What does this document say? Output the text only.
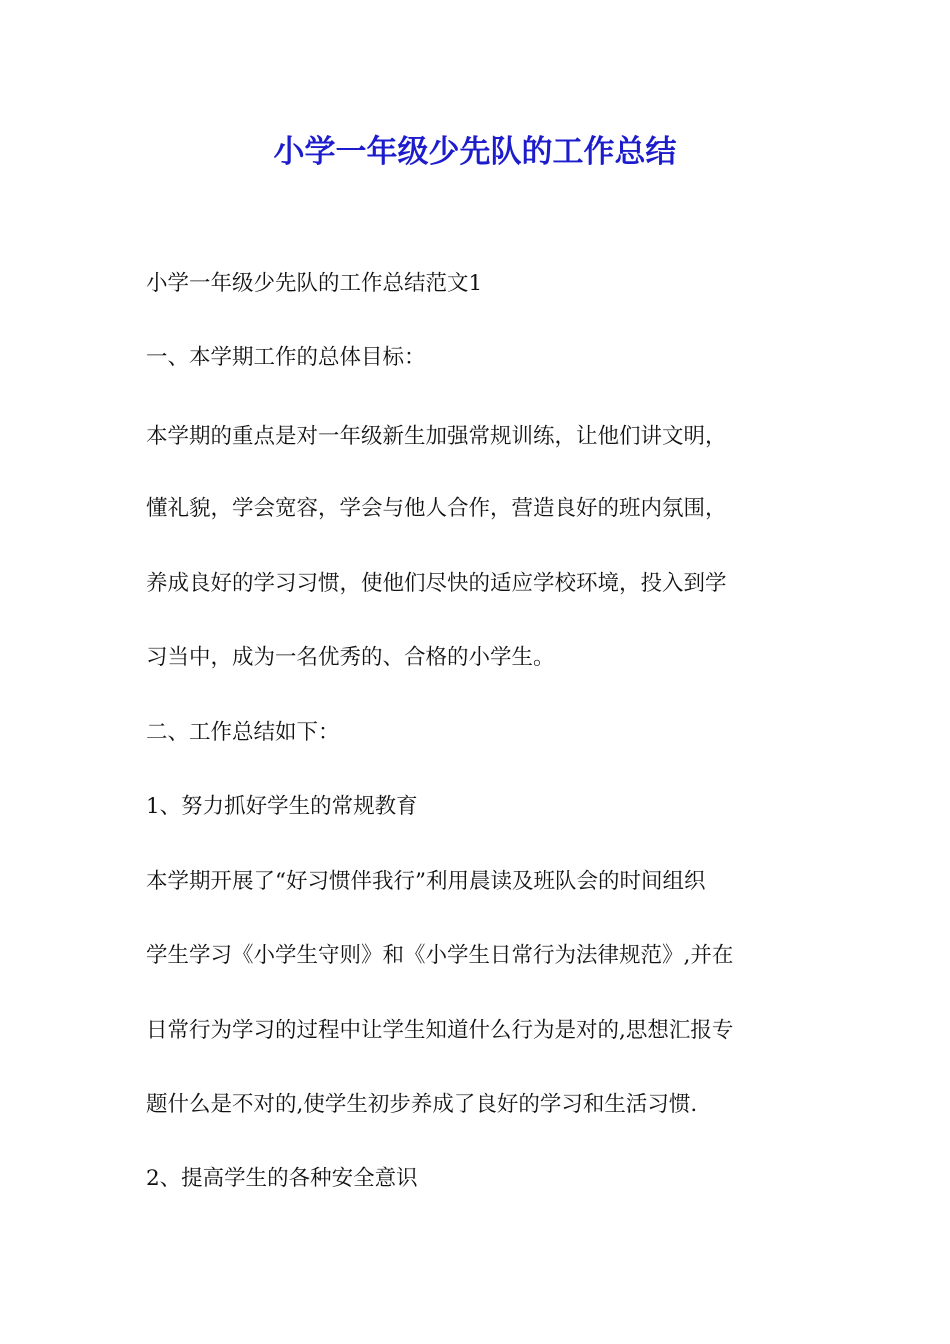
小学一年级少先队的工作总结

小学一年级少先队的工作总结范文1

一、本学期工作的总体目标：

本学期的重点是对一年级新生加强常规训练，让他们讲文明，

懂礼貌，学会宽容，学会与他人合作，营造良好的班内氛围，

养成良好的学习习惯，使他们尽快的适应学校环境，投入到学

习当中，成为一名优秀的、合格的小学生。

二、工作总结如下：

1、努力抓好学生的常规教育

本学期开展了“好习惯伴我行”利用晨读及班队会的时间组织

学生学习《小学生守则》和《小学生日常行为法律规范》,并在

日常行为学习的过程中让学生知道什么行为是对的,思想汇报专

题什么是不对的,使学生初步养成了良好的学习和生活习惯.

2、提高学生的各种安全意识
